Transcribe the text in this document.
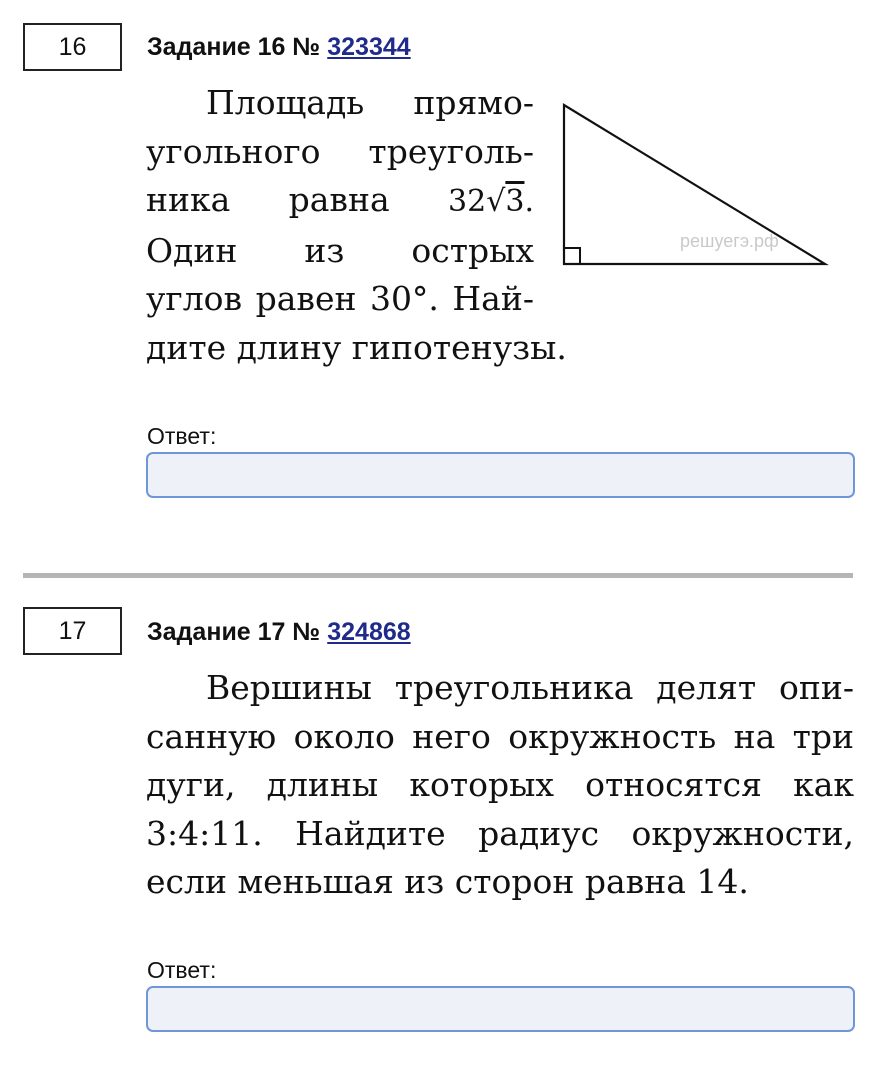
16	Задание 16 № 323344
Площадь прямо-
угольного треуголь-
ника равна 32√3.
Один из острых
углов равен 30°. Най-
дите длину гипотенузы.
решуегэ.рф
Ответ:
17	Задание 17 № 324868
Вершины треугольника делят опи-
санную около него окружность на три
дуги, длины которых относятся как
3:4:11. Найдите радиус окружности,
если меньшая из сторон равна 14.
Ответ:
